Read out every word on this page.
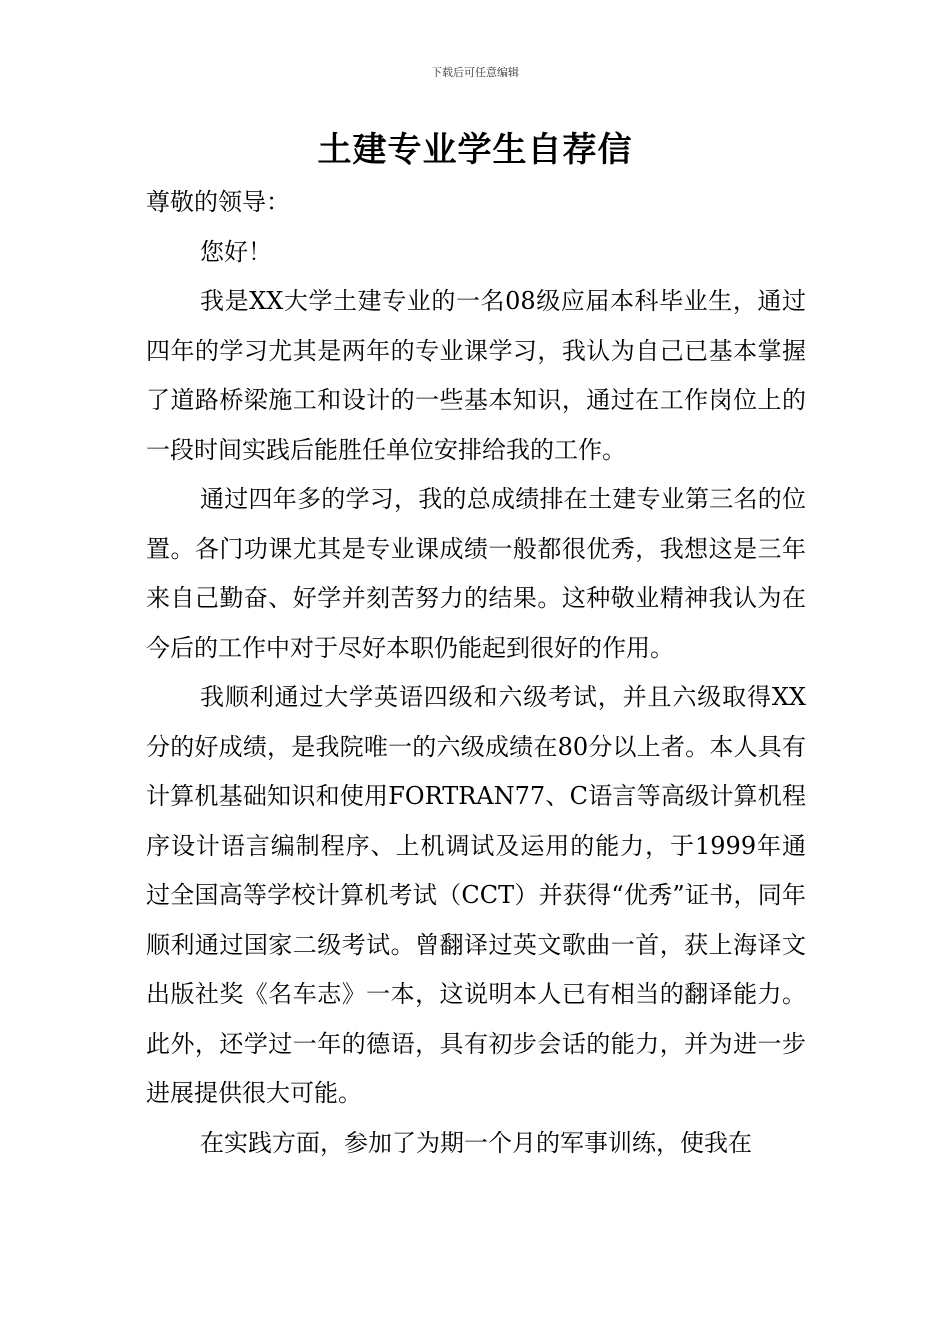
下载后可任意编辑
土建专业学生自荐信

尊敬的领导：

您好！

我是XX大学土建专业的一名08级应届本科毕业生，通过四年的学习尤其是两年的专业课学习，我认为自己已基本掌握了道路桥梁施工和设计的一些基本知识，通过在工作岗位上的一段时间实践后能胜任单位安排给我的工作。

通过四年多的学习，我的总成绩排在土建专业第三名的位置。各门功课尤其是专业课成绩一般都很优秀，我想这是三年来自己勤奋、好学并刻苦努力的结果。这种敬业精神我认为在今后的工作中对于尽好本职仍能起到很好的作用。

我顺利通过大学英语四级和六级考试，并且六级取得XX分的好成绩，是我院唯一的六级成绩在80分以上者。本人具有计算机基础知识和使用FORTRAN77、C语言等高级计算机程序设计语言编制程序、上机调试及运用的能力，于1999年通过全国高等学校计算机考试（CCT）并获得“优秀”证书，同年顺利通过国家二级考试。曾翻译过英文歌曲一首，获上海译文出版社奖《名车志》一本，这说明本人已有相当的翻译能力。此外，还学过一年的德语，具有初步会话的能力，并为进一步进展提供很大可能。

在实践方面，参加了为期一个月的军事训练，使我在
